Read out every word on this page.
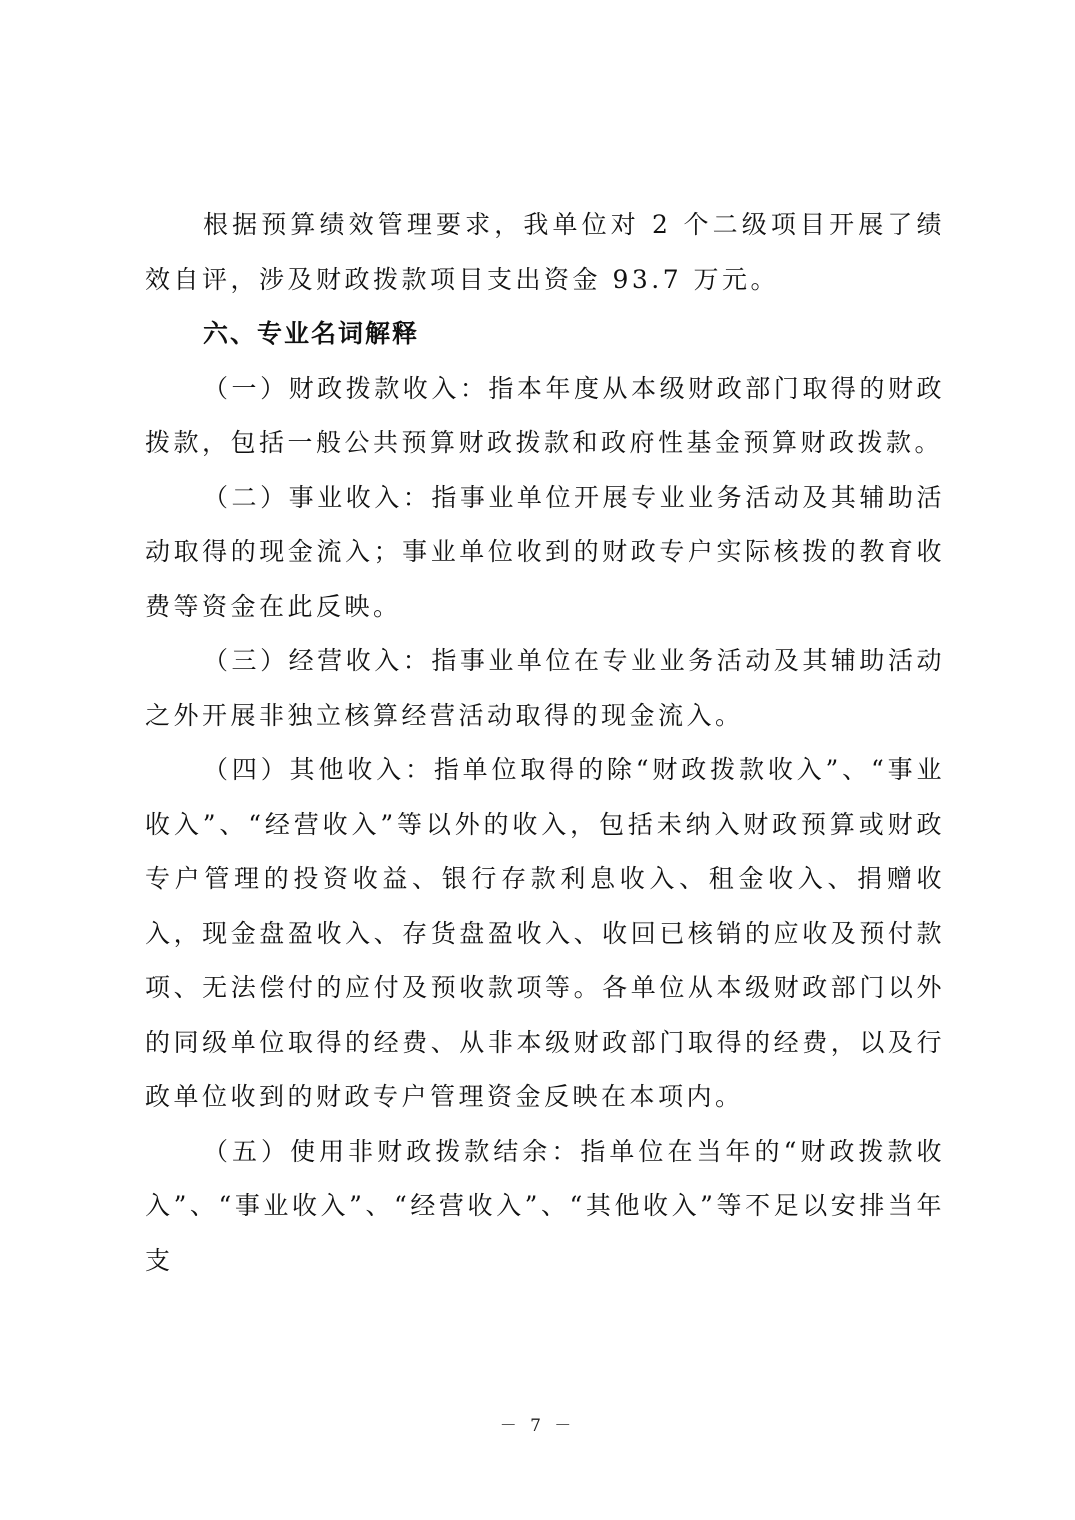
根据预算绩效管理要求，我单位对 2 个二级项目开展了绩效自评，涉及财政拨款项目支出资金 93.7 万元。

六、专业名词解释

（一）财政拨款收入：指本年度从本级财政部门取得的财政拨款，包括一般公共预算财政拨款和政府性基金预算财政拨款。

（二）事业收入：指事业单位开展专业业务活动及其辅助活动取得的现金流入；事业单位收到的财政专户实际核拨的教育收费等资金在此反映。

（三）经营收入：指事业单位在专业业务活动及其辅助活动之外开展非独立核算经营活动取得的现金流入。

（四）其他收入：指单位取得的除“财政拨款收入”、“事业收入”、“经营收入”等以外的收入，包括未纳入财政预算或财政专户管理的投资收益、银行存款利息收入、租金收入、捐赠收入，现金盘盈收入、存货盘盈收入、收回已核销的应收及预付款项、无法偿付的应付及预收款项等。各单位从本级财政部门以外的同级单位取得的经费、从非本级财政部门取得的经费，以及行政单位收到的财政专户管理资金反映在本项内。

（五）使用非财政拨款结余：指单位在当年的“财政拨款收入”、“事业收入”、“经营收入”、“其他收入”等不足以安排当年支

－ 7 －
